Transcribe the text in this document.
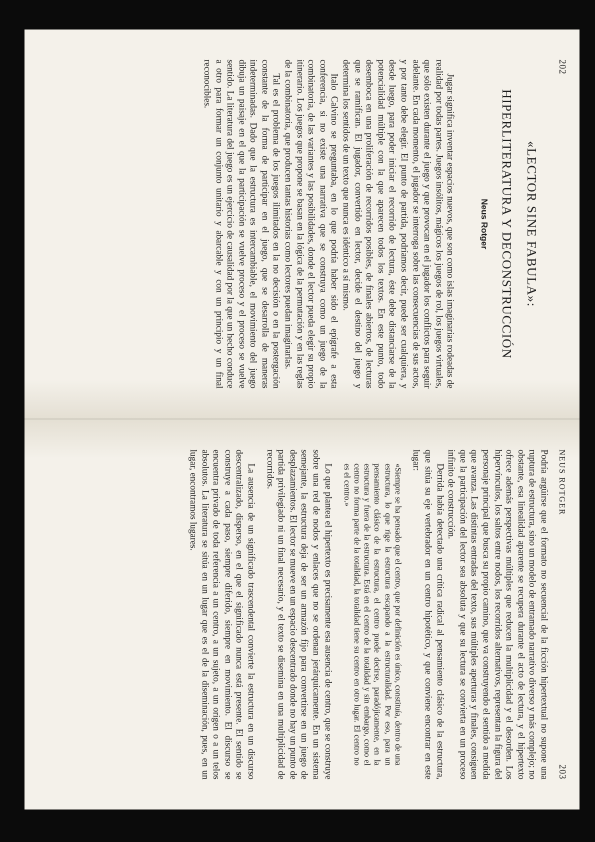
202
«LECTOR SINE FABULA»:
HIPERLITERATURA Y DECONSTRUCCIÓN
Neus Rotger

Jugar significa inventar espacios nuevos, que son como islas imaginarias rodeadas de realidad por todas partes. Juegos insólitos, mágicos los juegos de rol, los juegos virtuales, que sólo existen durante el juego y que provocan en el jugador los conflictos para seguir adelante. En cada momento, el jugador se interroga sobre las consecuencias de sus actos, y por tanto debe elegir. El punto de partida, podríamos decir, puede ser cualquiera, y desde luego, para poder iniciar el recorrido de lectura, éste debe distanciarse de la potencialidad múltiple con la que aparecen todos los textos. En este punto, todo desemboca en una proliferación de recorridos posibles, de finales abiertos, de lecturas que se ramifican. El jugador, convertido en lector, decide el destino del juego y determina los sentidos de un texto que nunca es idéntico a sí mismo.

Italo Calvino se preguntaba, en lo que podría haber sido el epígrafe a esta conferencia, si no existe una narrativa que se construya como un juego de la combinatoria, de las variantes y las posibilidades, donde el lector pueda elegir su propio itinerario. Los juegos que propone se basan en la lógica de la permutación y en las reglas de la combinatoria, que producen tantas historias como lectores puedan imaginarlas.

Tal es el problema de los juegos ilimitados en la no decisión o en la postergación constante de la forma de participar en el juego, que se desarrolla de maneras indeterminadas. Dado que la estructura es intercambiable, el movimiento del juego dibuja un paisaje en el que la participación se vuelve proceso y el proceso se vuelve sentido. La literatura del juego es un ejercicio de causalidad por la que un hecho conduce a otro para formar un conjunto unitario y abarcable y con un principio y un final reconocibles.

NEUS ROTGER
203

Podría argüirse que el formato no secuencial de la ficción hipertextual no supone una ruptura de estructura, sino un modelo de entramado narrativo diverso y más complejo; no obstante, esa linealidad aparente se recupera durante el acto de lectura, y el hipertexto ofrece además perspectivas múltiples que reducen la multiplicidad y el desorden. Los hipervínculos, los saltos entre nodos, los recorridos alternativos, representan la figura del personaje principal que busca su propio camino, que va construyendo el sentido a medida que avanza. Las distintas entradas del texto, sus múltiples aperturas y finales, consiguen que la participación del lector sea absoluta y que su lectura se convierta en un proceso infinito de construcción.

Derrida había detectado una crítica radical al pensamiento clásico de la estructura, que sitúa su eje vertebrador en un centro hipotético, y que conviene encontrar en este lugar:

«Siempre se ha pensado que el centro, que por definición es único, constituía, dentro de una estructura, lo que rige la estructura escapando a la estructuralidad. Por eso, para un pensamiento clásico de la estructura, el centro puede decirse, paradójicamente, en la estructura y fuera de la estructura. Está en el centro de la totalidad y sin embargo, como el centro no forma parte de la totalidad, la totalidad tiene su centro en otro lugar. El centro no es el centro.»

Lo que plantea el hipertexto es precisamente esa ausencia de centro, que se construye sobre una red de nodos y enlaces que no se ordenan jerárquicamente. En un sistema semejante, la estructura deja de ser un armazón fijo para convertirse en un juego de desplazamientos. El lector se mueve en un espacio descentrado donde no hay un punto de partida privilegiado ni un final necesario, y el texto se disemina en una multiplicidad de recorridos.

La ausencia de un significado trascendental convierte la estructura en un discurso descentralizado, disperso, en el que el significado nunca está presente. El sentido se construye a cada paso, siempre diferido, siempre en movimiento. El discurso se encuentra privado de toda referencia a un centro, a un sujeto, a un origen o a un telos absolutos. La literatura se sitúa en un lugar que es el de la diseminación, pues, en un lugar, encontramos lugares.
